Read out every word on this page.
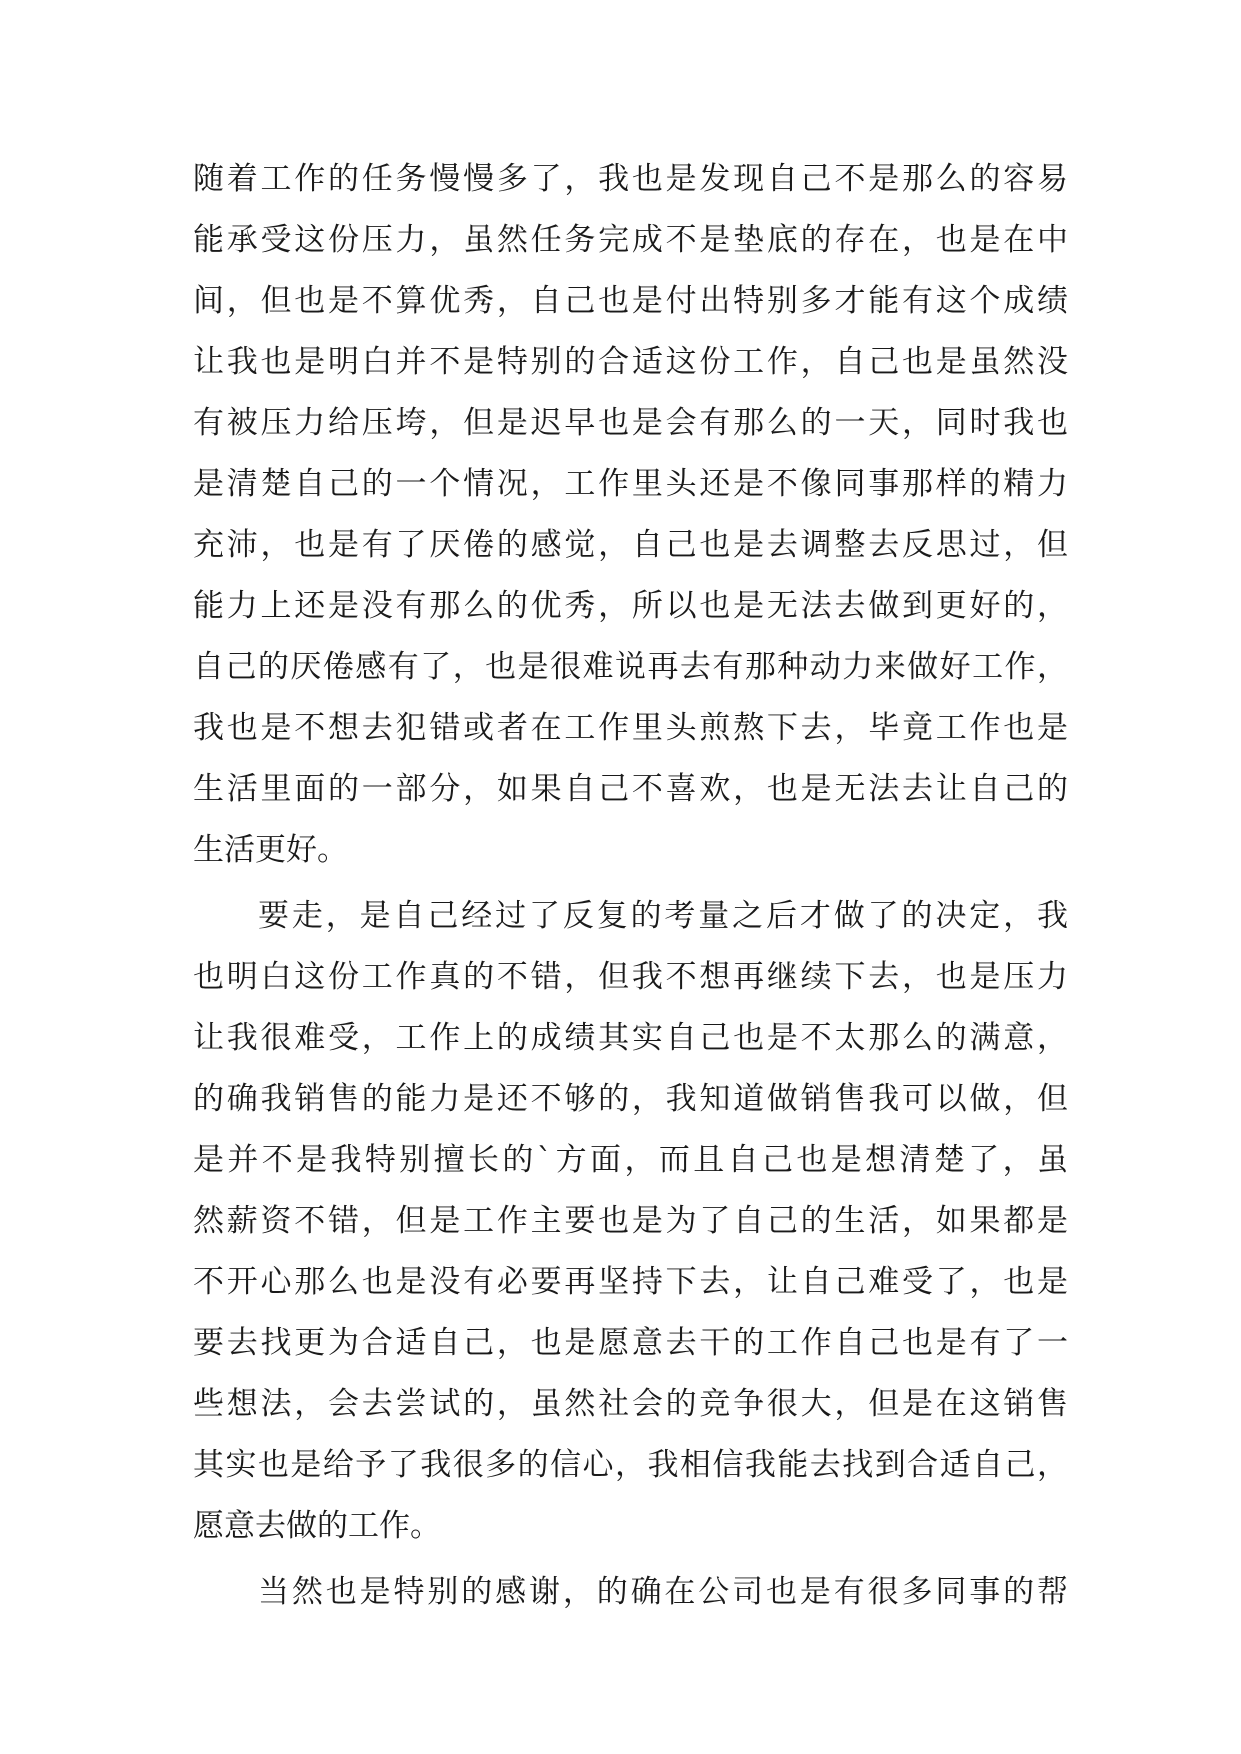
随着工作的任务慢慢多了，我也是发现自己不是那么的容易

能承受这份压力，虽然任务完成不是垫底的存在，也是在中

间，但也是不算优秀，自己也是付出特别多才能有这个成绩

让我也是明白并不是特别的合适这份工作，自己也是虽然没

有被压力给压垮，但是迟早也是会有那么的一天，同时我也

是清楚自己的一个情况，工作里头还是不像同事那样的精力

充沛，也是有了厌倦的感觉，自己也是去调整去反思过，但

能力上还是没有那么的优秀，所以也是无法去做到更好的，

自己的厌倦感有了，也是很难说再去有那种动力来做好工作，

我也是不想去犯错或者在工作里头煎熬下去，毕竟工作也是

生活里面的一部分，如果自己不喜欢，也是无法去让自己的

生活更好。

要走，是自己经过了反复的考量之后才做了的决定，我

也明白这份工作真的不错，但我不想再继续下去，也是压力

让我很难受，工作上的成绩其实自己也是不太那么的满意，

的确我销售的能力是还不够的，我知道做销售我可以做，但

是并不是我特别擅长的`方面，而且自己也是想清楚了，虽

然薪资不错，但是工作主要也是为了自己的生活，如果都是

不开心那么也是没有必要再坚持下去，让自己难受了，也是

要去找更为合适自己，也是愿意去干的工作自己也是有了一

些想法，会去尝试的，虽然社会的竞争很大，但是在这销售

其实也是给予了我很多的信心，我相信我能去找到合适自己，

愿意去做的工作。

当然也是特别的感谢，的确在公司也是有很多同事的帮
